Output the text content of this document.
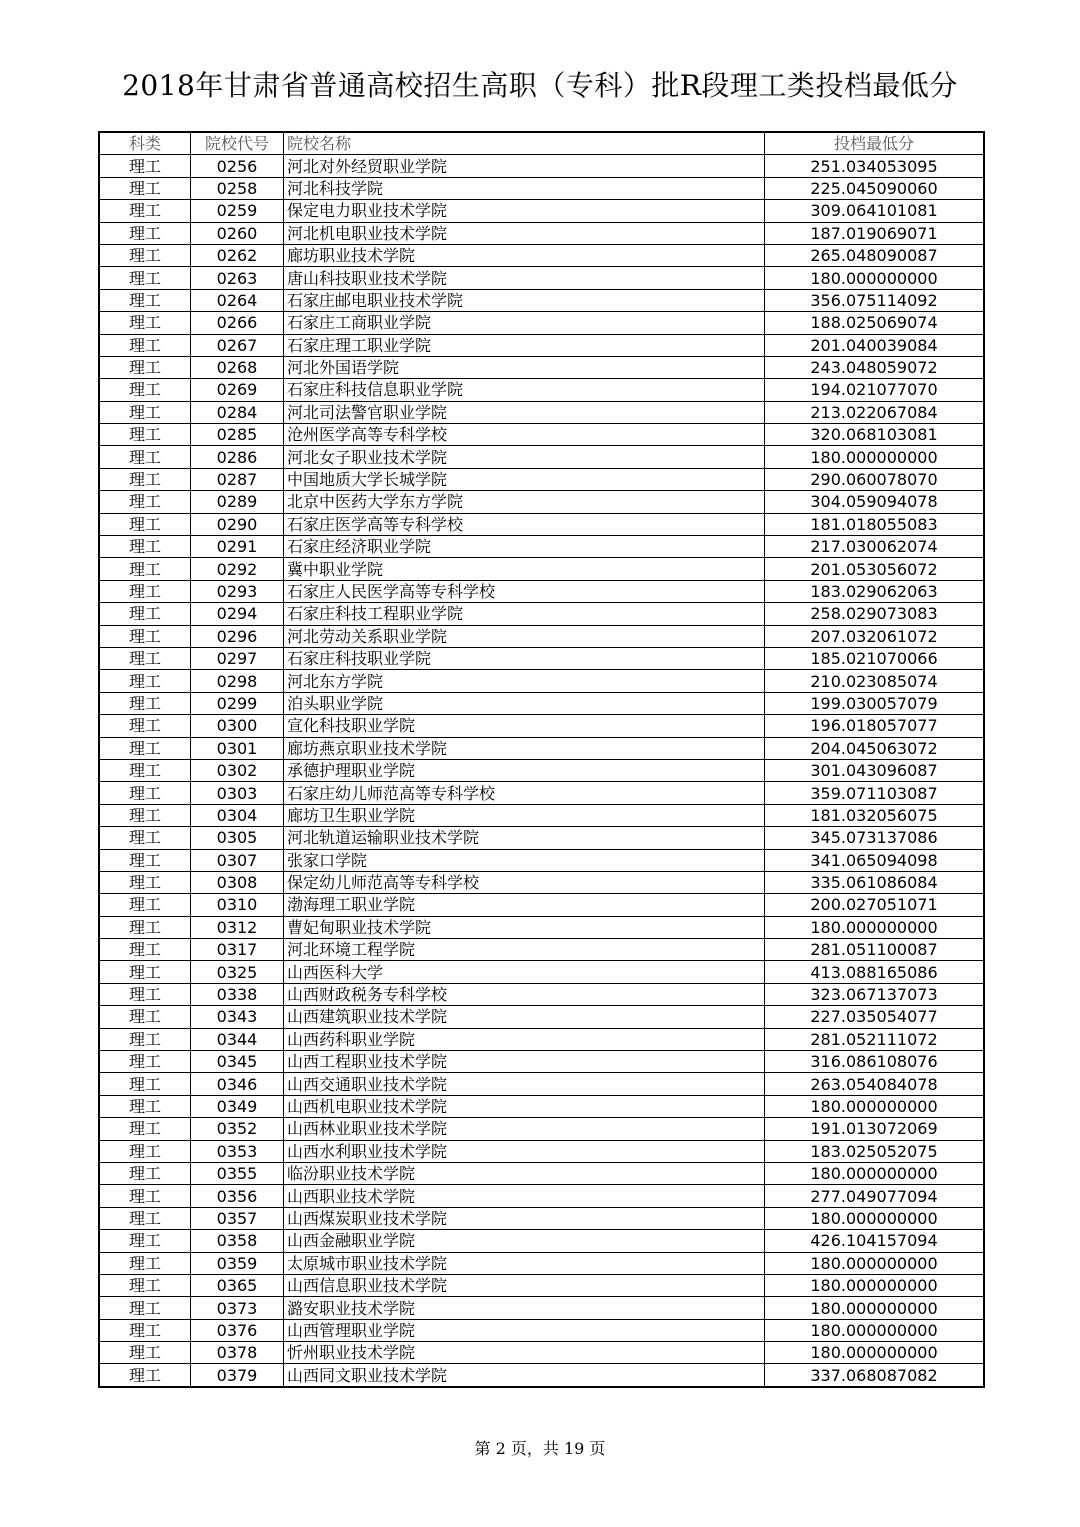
2018年甘肃省普通高校招生高职（专科）批R段理工类投档最低分
科类	院校代号	院校名称	投档最低分
理工	0256	河北对外经贸职业学院	251.034053095
理工	0258	河北科技学院	225.045090060
理工	0259	保定电力职业技术学院	309.064101081
理工	0260	河北机电职业技术学院	187.019069071
理工	0262	廊坊职业技术学院	265.048090087
理工	0263	唐山科技职业技术学院	180.000000000
理工	0264	石家庄邮电职业技术学院	356.075114092
理工	0266	石家庄工商职业学院	188.025069074
理工	0267	石家庄理工职业学院	201.040039084
理工	0268	河北外国语学院	243.048059072
理工	0269	石家庄科技信息职业学院	194.021077070
理工	0284	河北司法警官职业学院	213.022067084
理工	0285	沧州医学高等专科学校	320.068103081
理工	0286	河北女子职业技术学院	180.000000000
理工	0287	中国地质大学长城学院	290.060078070
理工	0289	北京中医药大学东方学院	304.059094078
理工	0290	石家庄医学高等专科学校	181.018055083
理工	0291	石家庄经济职业学院	217.030062074
理工	0292	冀中职业学院	201.053056072
理工	0293	石家庄人民医学高等专科学校	183.029062063
理工	0294	石家庄科技工程职业学院	258.029073083
理工	0296	河北劳动关系职业学院	207.032061072
理工	0297	石家庄科技职业学院	185.021070066
理工	0298	河北东方学院	210.023085074
理工	0299	泊头职业学院	199.030057079
理工	0300	宣化科技职业学院	196.018057077
理工	0301	廊坊燕京职业技术学院	204.045063072
理工	0302	承德护理职业学院	301.043096087
理工	0303	石家庄幼儿师范高等专科学校	359.071103087
理工	0304	廊坊卫生职业学院	181.032056075
理工	0305	河北轨道运输职业技术学院	345.073137086
理工	0307	张家口学院	341.065094098
理工	0308	保定幼儿师范高等专科学校	335.061086084
理工	0310	渤海理工职业学院	200.027051071
理工	0312	曹妃甸职业技术学院	180.000000000
理工	0317	河北环境工程学院	281.051100087
理工	0325	山西医科大学	413.088165086
理工	0338	山西财政税务专科学校	323.067137073
理工	0343	山西建筑职业技术学院	227.035054077
理工	0344	山西药科职业学院	281.052111072
理工	0345	山西工程职业技术学院	316.086108076
理工	0346	山西交通职业技术学院	263.054084078
理工	0349	山西机电职业技术学院	180.000000000
理工	0352	山西林业职业技术学院	191.013072069
理工	0353	山西水利职业技术学院	183.025052075
理工	0355	临汾职业技术学院	180.000000000
理工	0356	山西职业技术学院	277.049077094
理工	0357	山西煤炭职业技术学院	180.000000000
理工	0358	山西金融职业学院	426.104157094
理工	0359	太原城市职业技术学院	180.000000000
理工	0365	山西信息职业技术学院	180.000000000
理工	0373	潞安职业技术学院	180.000000000
理工	0376	山西管理职业学院	180.000000000
理工	0378	忻州职业技术学院	180.000000000
理工	0379	山西同文职业技术学院	337.068087082
第 2 页，共 19 页
